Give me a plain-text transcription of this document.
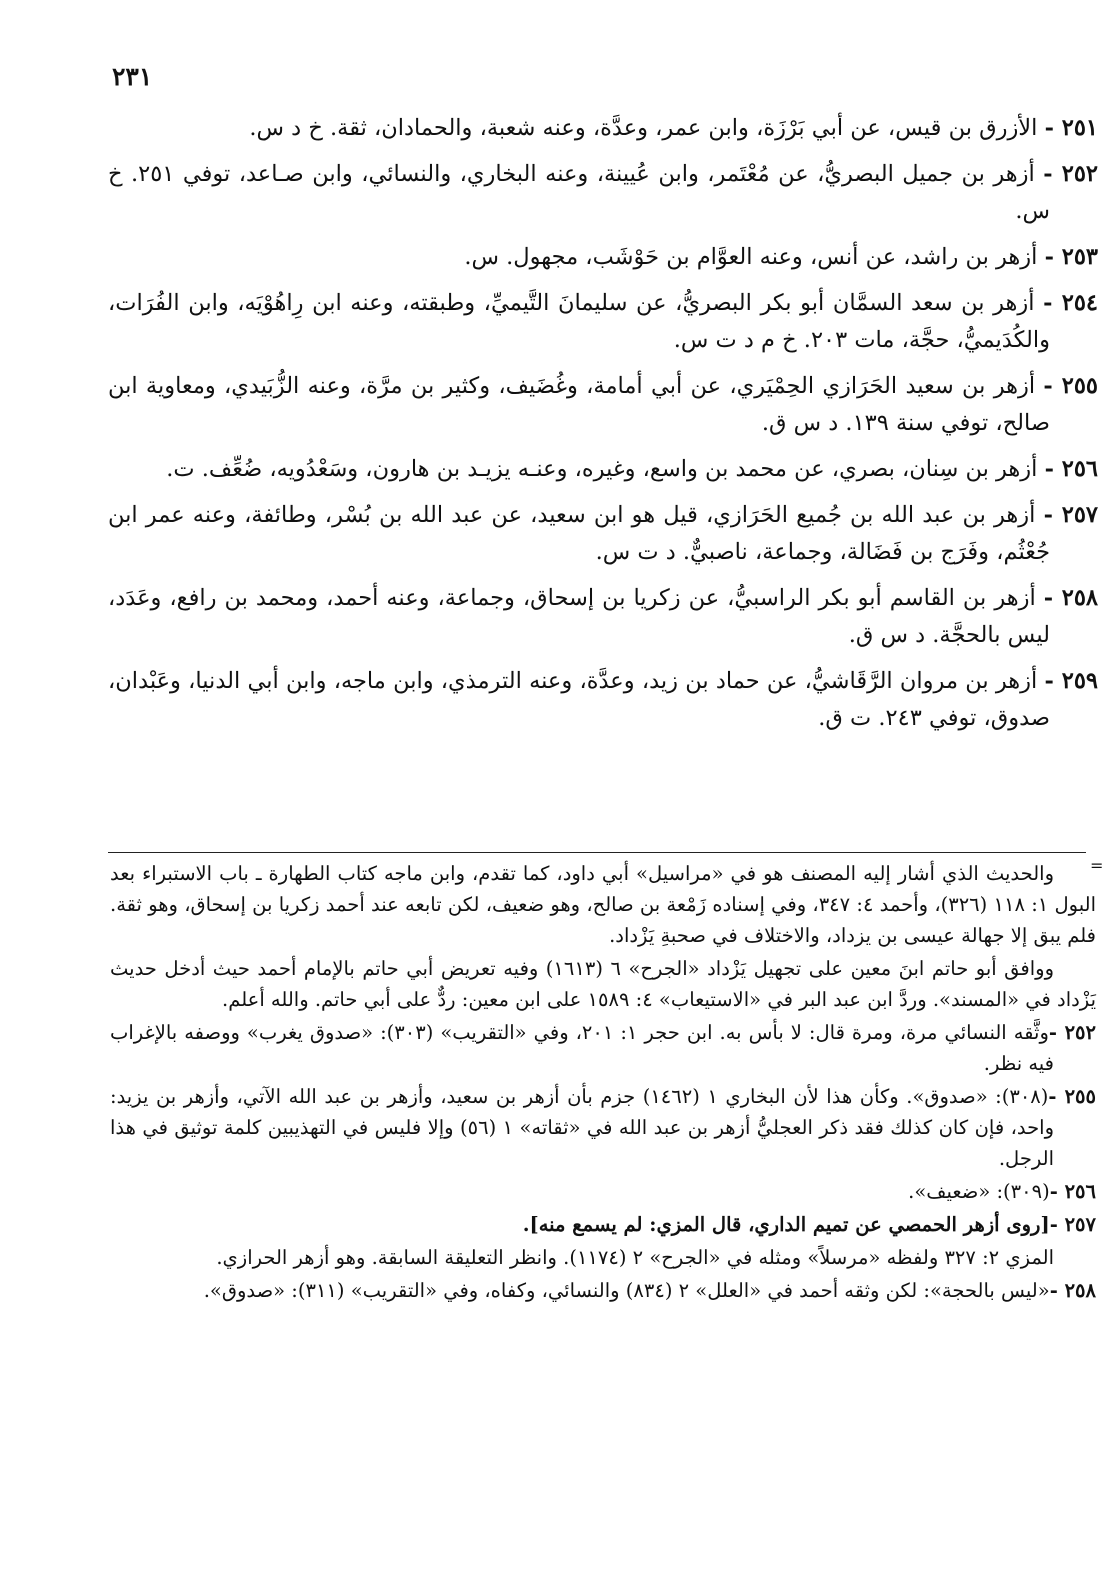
٢٣١

٢٥١ - الأزرق بن قيس، عن أبي بَرْزَة، وابن عمر، وعدَّة، وعنه شعبة، والحمادان، ثقة. خ د س.

٢٥٢ - أزهر بن جميل البصريُّ، عن مُعْتَمر، وابن عُيينة، وعنه البخاري، والنسائي، وابن صـاعد، توفي ٢٥١. خ س.

٢٥٣ - أزهر بن راشد، عن أنس، وعنه العوَّام بن حَوْشَب، مجهول. س.

٢٥٤ - أزهر بن سعد السمَّان أبو بكر البصريُّ، عن سليمانَ التَّيميِّ، وطبقته، وعنه ابن رِاهُوْيَه، وابن الفُرَات، والكُدَيميُّ، حجَّة، مات ٢٠٣. خ م د ت س.

٢٥٥ - أزهر بن سعيد الحَرَازي الحِمْيَري، عن أبي أمامة، وغُضَيف، وكثير بن مرَّة، وعنه الزُّبَيدي، ومعاوية ابن صالح، توفي سنة ١٣٩. د س ق.

٢٥٦ - أزهر بن سِنان، بصري، عن محمد بن واسع، وغيره، وعنـه يزيـد بن هارون، وسَعْدُويه، ضُعِّف. ت.

٢٥٧ - أزهر بن عبد الله بن جُميع الحَرَازي، قيل هو ابن سعيد، عن عبد الله بن بُسْر، وطائفة، وعنه عمر ابن جُعْثُم، وفَرَج بن فَضَالة، وجماعة، ناصبيٌّ. د ت س.

٢٥٨ - أزهر بن القاسم أبو بكر الراسبيُّ، عن زكريا بن إسحاق، وجماعة، وعنه أحمد، ومحمد بن رافع، وعَدَد، ليس بالحجَّة. د س ق.

٢٥٩ - أزهر بن مروان الرَّقَاشيُّ، عن حماد بن زيد، وعدَّة، وعنه الترمذي، وابن ماجه، وابن أبي الدنيا، وعَبْدان، صدوق، توفي ٢٤٣. ت ق.

=

والحديث الذي أشار إليه المصنف هو في «مراسيل» أبي داود، كما تقدم، وابن ماجه كتاب الطهارة ـ باب الاستبراء بعد البول ١: ١١٨ (٣٢٦)، وأحمد ٤: ٣٤٧، وفي إسناده زَمْعة بن صالح، وهو ضعيف، لكن تابعه عند أحمد زكريا بن إسحاق، وهو ثقة. فلم يبق إلا جهالة عيسى بن يزداد، والاختلاف في صحبةِ يَزْداد.

ووافق أبو حاتم ابنَ معين على تجهيل يَزْداد «الجرح» ٦ (١٦١٣) وفيه تعريض أبي حاتم بالإمام أحمد حيث أدخل حديث يَزْداد في «المسند». وردَّ ابن عبد البر في «الاستيعاب» ٤: ١٥٨٩ على ابن معين: ردٌّ على أبي حاتم. والله أعلم.

٢٥٢ -وثَّقه النسائي مرة، ومرة قال: لا بأس به. ابن حجر ١: ٢٠١، وفي «التقريب» (٣٠٣): «صدوق يغرب» ووصفه بالإغراب فيه نظر.

٢٥٥ -(٣٠٨): «صدوق». وكأن هذا لأن البخاري ١ (١٤٦٢) جزم بأن أزهر بن سعيد، وأزهر بن عبد الله الآتي، وأزهر بن يزيد: واحد، فإن كان كذلك فقد ذكر العجليُّ أزهر بن عبد الله في «ثقاته» ١ (٥٦) وإلا فليس في التهذيبين كلمة توثيق في هذا الرجل.

٢٥٦ -(٣٠٩): «ضعيف».

٢٥٧ -[روى أزهر الحمصي عن تميم الداري، قال المزي: لم يسمع منه].

المزي ٢: ٣٢٧ ولفظه «مرسلاً» ومثله في «الجرح» ٢ (١١٧٤). وانظر التعليقة السابقة. وهو أزهر الحرازي.

٢٥٨ -«ليس بالحجة»: لكن وثقه أحمد في «العلل» ٢ (٨٣٤) والنسائي، وكفاه، وفي «التقريب» (٣١١): «صدوق».
